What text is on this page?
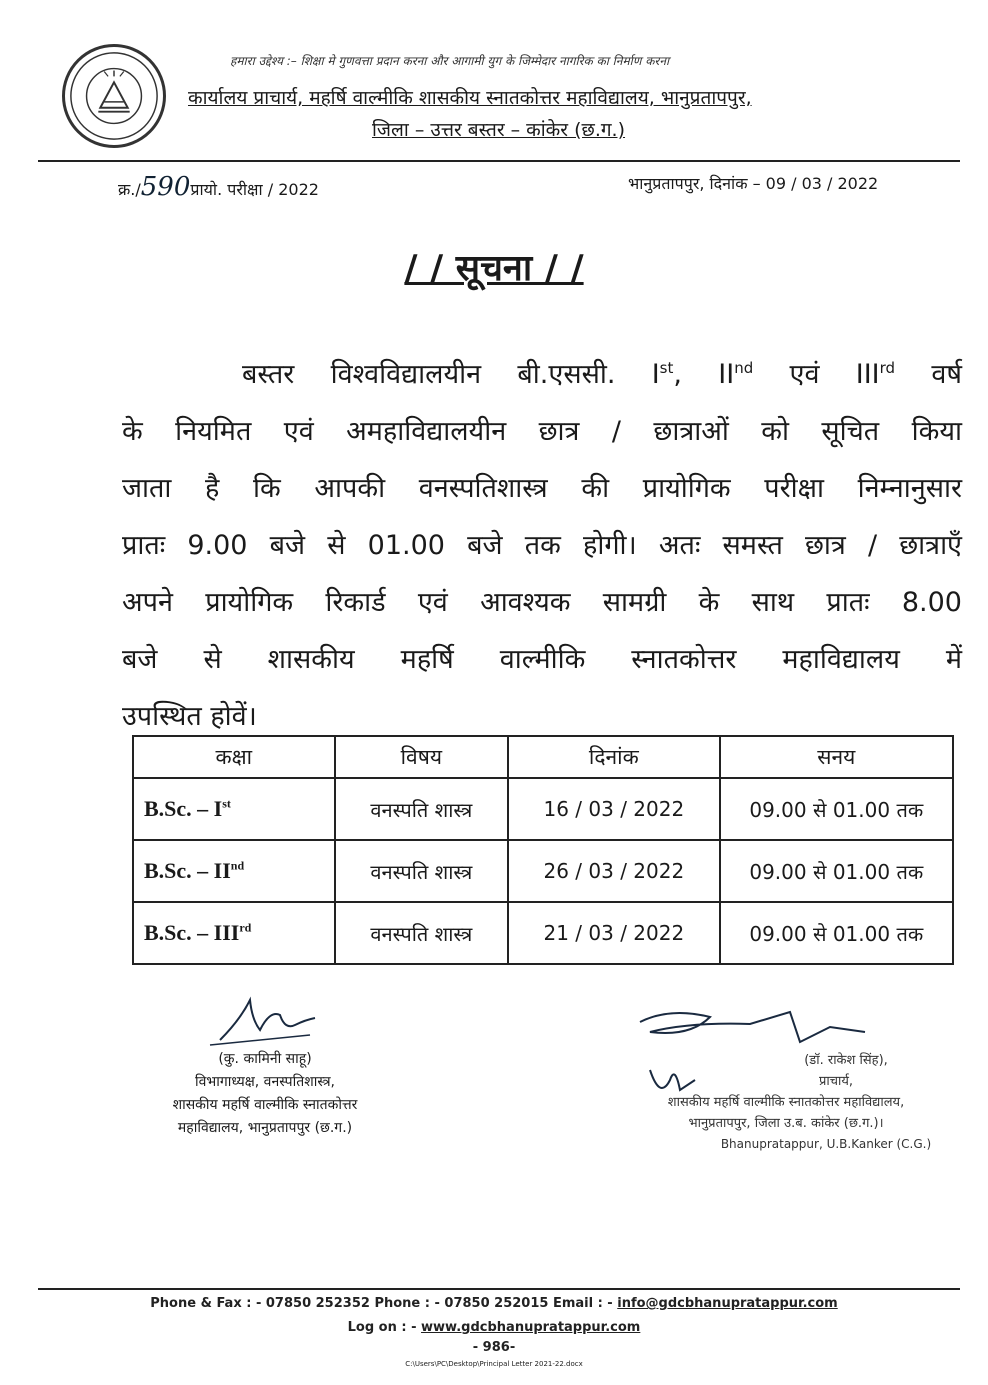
हमारा उद्देश्य :– शिक्षा मे गुणवत्ता प्रदान करना और आगामी युग के जिम्मेदार नागरिक का निर्माण करना
कार्यालय प्राचार्य, महर्षि वाल्मीकि शासकीय स्नातकोत्तर महाविद्यालय, भानुप्रतापपुर,
जिला – उत्तर बस्तर – कांकेर (छ.ग.)
क्र./590प्रायो. परीक्षा / 2022	भानुप्रतापपुर, दिनांक – 09 / 03 / 2022
/ / सूचना / /
बस्तर विश्वविद्यालयीन बी.एससी. Ist, IInd एवं IIIrd वर्ष
के नियमित एवं अमहाविद्यालयीन छात्र / छात्राओं को सूचित किया
जाता है कि आपकी वनस्पतिशास्त्र की प्रायोगिक परीक्षा निम्नानुसार
प्रातः 9.00 बजे से 01.00 बजे तक होगी। अतः समस्त छात्र / छात्राऍं
अपने प्रायोगिक रिकार्ड एवं आवश्यक सामग्री के साथ प्रातः 8.00
बजे से शासकीय महर्षि वाल्मीकि स्नातकोत्तर महाविद्यालय में
उपस्थित होवें।
कक्षा	विषय	दिनांक	सनय
B.Sc. – Ist	वनस्पति शास्त्र	16 / 03 / 2022	09.00 से 01.00 तक
B.Sc. – IInd	वनस्पति शास्त्र	26 / 03 / 2022	09.00 से 01.00 तक
B.Sc. – IIIrd	वनस्पति शास्त्र	21 / 03 / 2022	09.00 से 01.00 तक
(कु. कामिनी साहू)
विभागाध्यक्ष, वनस्पतिशास्त्र,
शासकीय महर्षि वाल्मीकि स्नातकोत्तर
महाविद्यालय, भानुप्रतापपुर (छ.ग.)
(डॉ. राकेश सिंह),
प्राचार्य,
शासकीय महर्षि वाल्मीकि स्नातकोत्तर महाविद्यालय,
भानुप्रतापपुर, जिला उ.ब. कांकेर (छ.ग.)।
Bhanupratappur, U.B.Kanker (C.G.)
Phone & Fax : - 07850 252352 Phone : - 07850 252015 Email : - info@gdcbhanupratappur.com
Log on : - www.gdcbhanupratappur.com
- 986-
C:\Users\PC\Desktop\Principal Letter 2021-22.docx
